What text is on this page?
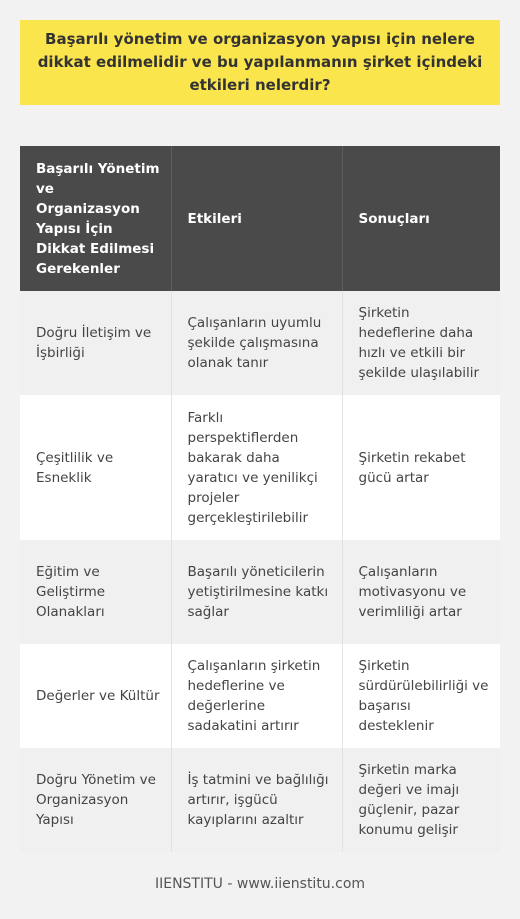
Başarılı yönetim ve organizasyon yapısı için nelere dikkat edilmelidir ve bu yapılanmanın şirket içindeki etkileri nelerdir?
Başarılı Yönetim ve Organizasyon Yapısı İçin Dikkat Edilmesi Gerekenler	Etkileri	Sonuçları
Doğru İletişim ve İşbirliği	Çalışanların uyumlu şekilde çalışmasına olanak tanır	Şirketin hedeflerine daha hızlı ve etkili bir şekilde ulaşılabilir
Çeşitlilik ve Esneklik	Farklı perspektiflerden bakarak daha yaratıcı ve yenilikçi projeler gerçekleştirilebilir	Şirketin rekabet gücü artar
Eğitim ve Geliştirme Olanakları	Başarılı yöneticilerin yetiştirilmesine katkı sağlar	Çalışanların motivasyonu ve verimliliği artar
Değerler ve Kültür	Çalışanların şirketin hedeflerine ve değerlerine sadakatini artırır	Şirketin sürdürülebilirliği ve başarısı desteklenir
Doğru Yönetim ve Organizasyon Yapısı	İş tatmini ve bağlılığı artırır, işgücü kayıplarını azaltır	Şirketin marka değeri ve imajı güçlenir, pazar konumu gelişir
IIENSTITU - www.iienstitu.com
